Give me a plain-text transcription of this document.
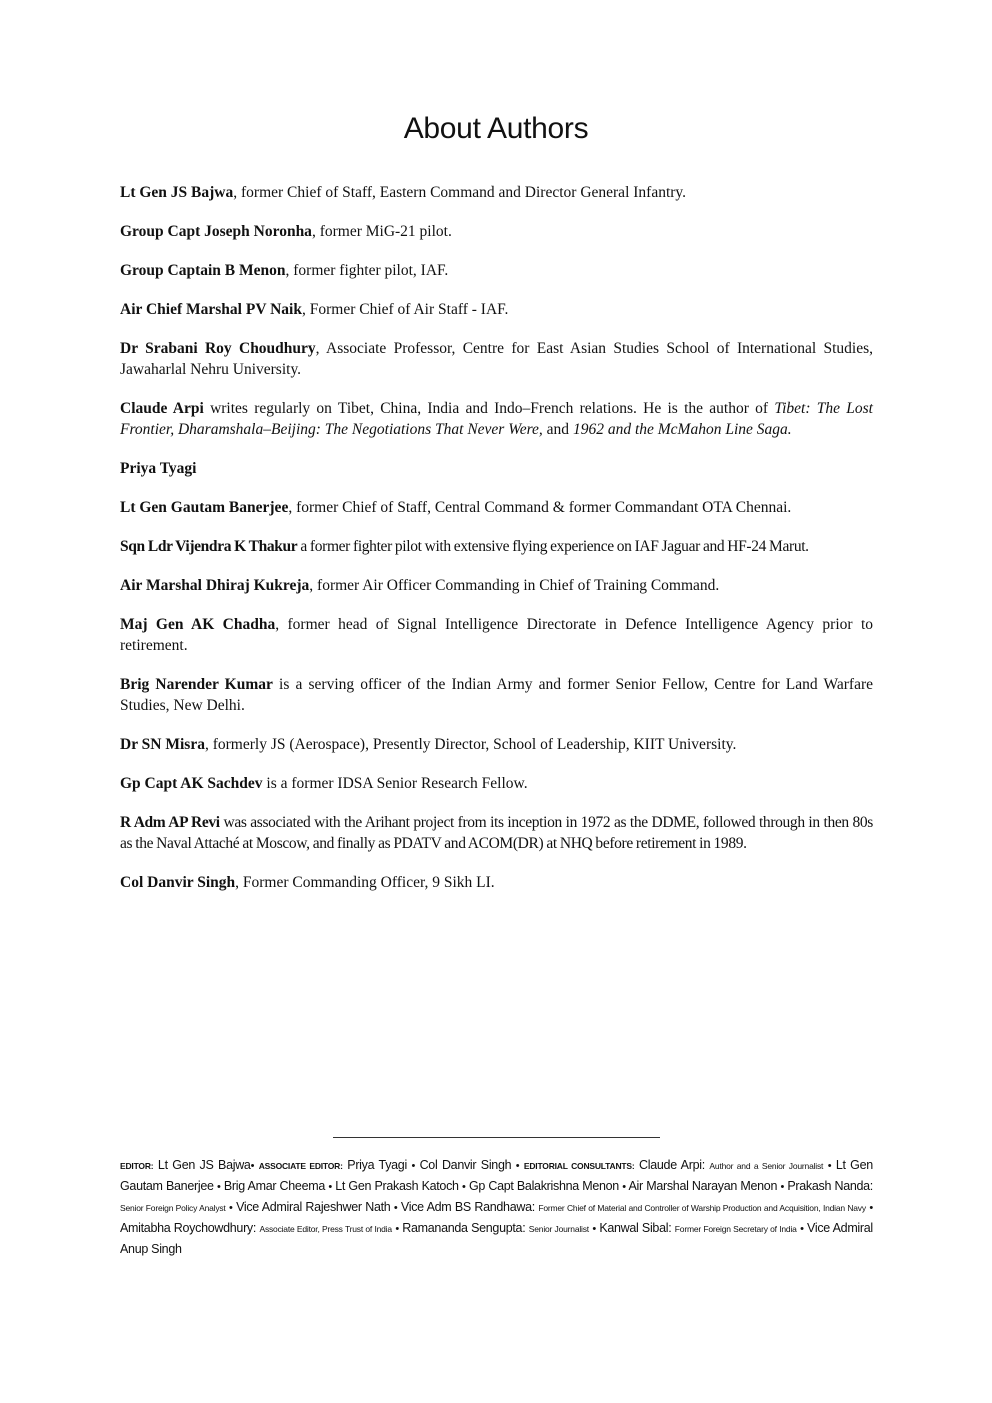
About Authors

Lt Gen JS Bajwa, former Chief of Staff, Eastern Command and Director General Infantry.

Group Capt Joseph Noronha, former MiG-21 pilot.

Group Captain B Menon, former fighter pilot, IAF.

Air Chief Marshal PV Naik, Former Chief of Air Staff - IAF.

Dr Srabani Roy Choudhury, Associate Professor, Centre for East Asian Studies School of International Studies, Jawaharlal Nehru University.

Claude Arpi writes regularly on Tibet, China, India and Indo–French relations. He is the author of Tibet: The Lost Frontier, Dharamshala–Beijing: The Negotiations That Never Were, and 1962 and the McMahon Line Saga.

Priya Tyagi

Lt Gen Gautam Banerjee, former Chief of Staff, Central Command & former Commandant OTA Chennai.

Sqn Ldr Vijendra K Thakur a former fighter pilot with extensive flying experience on IAF Jaguar and HF-24 Marut.

Air Marshal Dhiraj Kukreja, former Air Officer Commanding in Chief of Training Command.

Maj Gen AK Chadha, former head of Signal Intelligence Directorate in Defence Intelligence Agency prior to retirement.

Brig Narender Kumar is a serving officer of the Indian Army and former Senior Fellow, Centre for Land Warfare Studies, New Delhi.

Dr SN Misra, formerly JS (Aerospace), Presently Director, School of Leadership, KIIT University.

Gp Capt AK Sachdev is a former IDSA Senior Research Fellow.

R Adm AP Revi was associated with the Arihant project from its inception in 1972 as the DDME, followed through in then 80s as the Naval Attaché at Moscow, and finally as PDATV and ACOM(DR) at NHQ before retirement in 1989.

Col Danvir Singh, Former Commanding Officer, 9 Sikh LI.

EDITOR: Lt Gen JS Bajwa• ASSOCIATE EDITOR: Priya Tyagi • Col Danvir Singh • EDITORIAL CONSULTANTS: Claude Arpi: Author and a Senior Journalist • Lt Gen Gautam Banerjee • Brig Amar Cheema • Lt Gen Prakash Katoch • Gp Capt Balakrishna Menon • Air Marshal Narayan Menon • Prakash Nanda: Senior Foreign Policy Analyst • Vice Admiral Rajeshwer Nath • Vice Adm BS Randhawa: Former Chief of Material and Controller of Warship Production and Acquisition, Indian Navy • Amitabha Roychowdhury: Associate Editor, Press Trust of India • Ramananda Sengupta: Senior Journalist • Kanwal Sibal: Former Foreign Secretary of India • Vice Admiral Anup Singh
